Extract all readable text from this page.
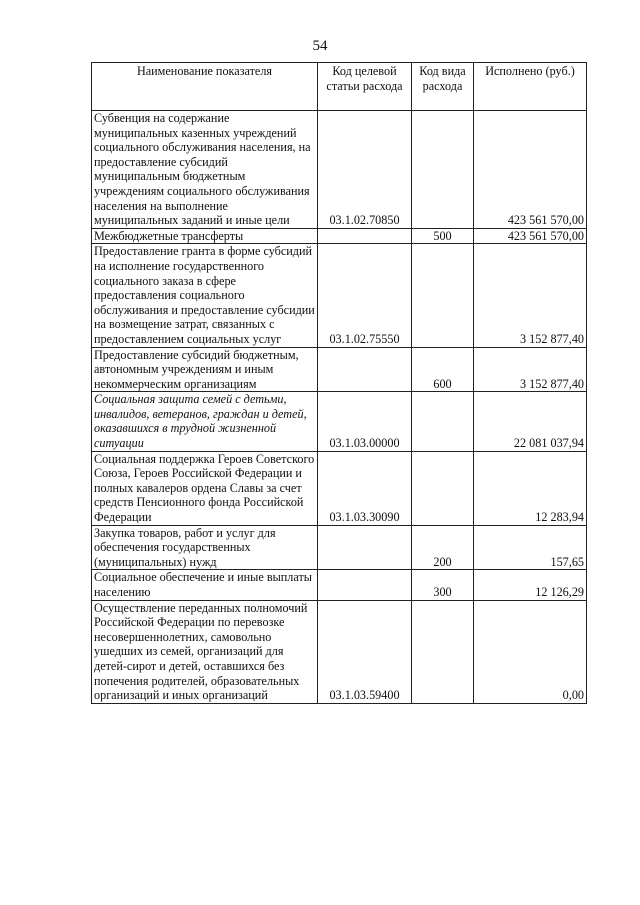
54
Наименование показателя	Код целевой статьи расхода	Код вида расхода	Исполнено (руб.)
Субвенция на содержание муниципальных казенных учреждений социального обслуживания населения, на предоставление субсидий муниципальным бюджетным учреждениям социального обслуживания населения на выполнение муниципальных заданий и иные цели	03.1.02.70850		423 561 570,00
Межбюджетные трансферты		500	423 561 570,00
Предоставление гранта в форме субсидий на исполнение государственного социального заказа в сфере предоставления социального обслуживания и предоставление субсидии на возмещение затрат, связанных с предоставлением социальных услуг	03.1.02.75550		3 152 877,40
Предоставление субсидий бюджетным, автономным учреждениям и иным некоммерческим организациям		600	3 152 877,40
Социальная защита семей с детьми, инвалидов, ветеранов, граждан и детей, оказавшихся в трудной жизненной ситуации	03.1.03.00000		22 081 037,94
Социальная поддержка Героев Советского Союза, Героев Российской Федерации и полных кавалеров ордена Славы за счет средств Пенсионного фонда Российской Федерации	03.1.03.30090		12 283,94
Закупка товаров, работ и услуг для обеспечения государственных (муниципальных) нужд		200	157,65
Социальное обеспечение и иные выплаты населению		300	12 126,29
Осуществление переданных полномочий Российской Федерации по перевозке несовершеннолетних, самовольно ушедших из семей, организаций для детей-сирот и детей, оставшихся без попечения родителей, образовательных организаций и иных организаций	03.1.03.59400		0,00
